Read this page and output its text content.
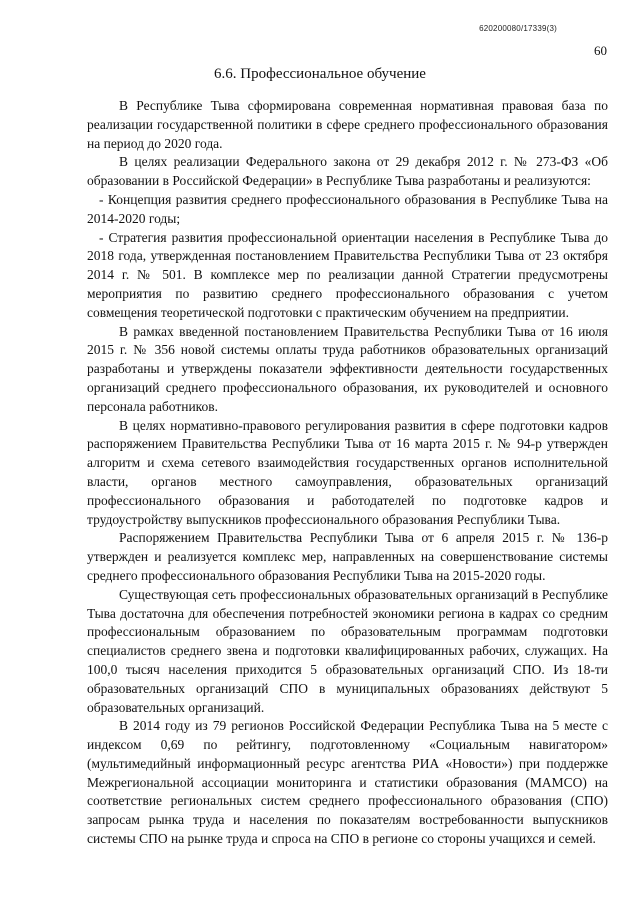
620200080/17339(3)
60
6.6. Профессиональное обучение

В Республике Тыва сформирована современная нормативная правовая база по реализации государственной политики в сфере среднего профессионального образования на период до 2020 года.

В целях реализации Федерального закона от 29 декабря 2012 г. № 273-ФЗ «Об образовании в Российской Федерации» в Республике Тыва разработаны и реализуются:

- Концепция развития среднего профессионального образования в Республике Тыва на 2014-2020 годы;

- Стратегия развития профессиональной ориентации населения в Республике Тыва до 2018 года, утвержденная постановлением Правительства Республики Тыва от 23 октября 2014 г. № 501. В комплексе мер по реализации данной Стратегии предусмотрены мероприятия по развитию среднего профессионального образования с учетом совмещения теоретической подготовки с практическим обучением на предприятии.

В рамках введенной постановлением Правительства Республики Тыва от 16 июля 2015 г. № 356 новой системы оплаты труда работников образовательных организаций разработаны и утверждены показатели эффективности деятельности государственных организаций среднего профессионального образования, их руководителей и основного персонала работников.

В целях нормативно-правового регулирования развития в сфере подготовки кадров распоряжением Правительства Республики Тыва от 16 марта 2015 г. № 94-р утвержден алгоритм и схема сетевого взаимодействия государственных органов исполнительной власти, органов местного самоуправления, образовательных организаций профессионального образования и работодателей по подготовке кадров и трудоустройству выпускников профессионального образования Республики Тыва.

Распоряжением Правительства Республики Тыва от 6 апреля 2015 г. № 136-р утвержден и реализуется комплекс мер, направленных на совершенствование системы среднего профессионального образования Республики Тыва на 2015-2020 годы.

Существующая сеть профессиональных образовательных организаций в Республике Тыва достаточна для обеспечения потребностей экономики региона в кадрах со средним профессиональным образованием по образовательным программам подготовки специалистов среднего звена и подготовки квалифицированных рабочих, служащих. На 100,0 тысяч населения приходится 5 образовательных организаций СПО. Из 18-ти образовательных организаций СПО в муниципальных образованиях действуют 5 образовательных организаций.

В 2014 году из 79 регионов Российской Федерации Республика Тыва на 5 месте с индексом 0,69 по рейтингу, подготовленному «Социальным навигатором» (мультимедийный информационный ресурс агентства РИА «Новости») при поддержке Межрегиональной ассоциации мониторинга и статистики образования (МАМСО) на соответствие региональных систем среднего профессионального образования (СПО) запросам рынка труда и населения по показателям востребованности выпускников системы СПО на рынке труда и спроса на СПО в регионе со стороны учащихся и семей.
